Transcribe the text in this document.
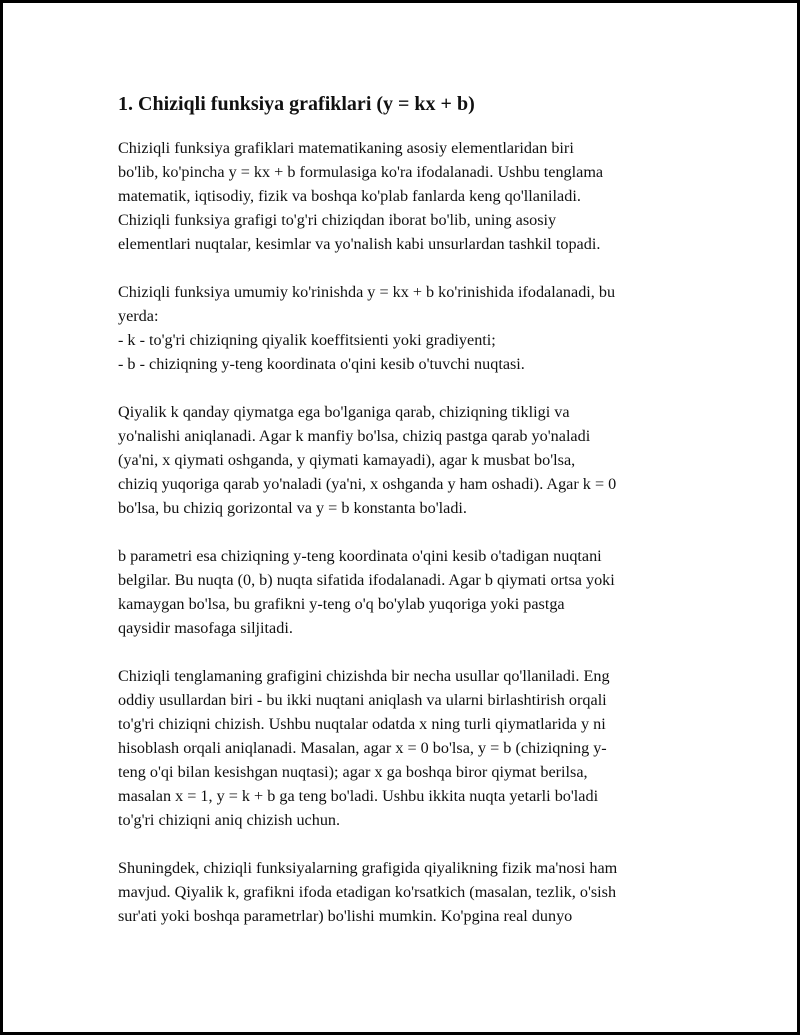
1. Chiziqli funksiya grafiklari (y = kx + b)

Chiziqli funksiya grafiklari matematikaning asosiy elementlaridan biri
bo'lib, ko'pincha y = kx + b formulasiga ko'ra ifodalanadi. Ushbu tenglama
matematik, iqtisodiy, fizik va boshqa ko'plab fanlarda keng qo'llaniladi.
Chiziqli funksiya grafigi to'g'ri chiziqdan iborat bo'lib, uning asosiy
elementlari nuqtalar, kesimlar va yo'nalish kabi unsurlardan tashkil topadi.

Chiziqli funksiya umumiy ko'rinishda y = kx + b ko'rinishida ifodalanadi, bu
yerda:
- k - to'g'ri chiziqning qiyalik koeffitsienti yoki gradiyenti;
- b - chiziqning y-teng koordinata o'qini kesib o'tuvchi nuqtasi.

Qiyalik k qanday qiymatga ega bo'lganiga qarab, chiziqning tikligi va
yo'nalishi aniqlanadi. Agar k manfiy bo'lsa, chiziq pastga qarab yo'naladi
(ya'ni, x qiymati oshganda, y qiymati kamayadi), agar k musbat bo'lsa,
chiziq yuqoriga qarab yo'naladi (ya'ni, x oshganda y ham oshadi). Agar k = 0
bo'lsa, bu chiziq gorizontal va y = b konstanta bo'ladi.

b parametri esa chiziqning y-teng koordinata o'qini kesib o'tadigan nuqtani
belgilar. Bu nuqta (0, b) nuqta sifatida ifodalanadi. Agar b qiymati ortsa yoki
kamaygan bo'lsa, bu grafikni y-teng o'q bo'ylab yuqoriga yoki pastga
qaysidir masofaga siljitadi.

Chiziqli tenglamaning grafigini chizishda bir necha usullar qo'llaniladi. Eng
oddiy usullardan biri - bu ikki nuqtani aniqlash va ularni birlashtirish orqali
to'g'ri chiziqni chizish. Ushbu nuqtalar odatda x ning turli qiymatlarida y ni
hisoblash orqali aniqlanadi. Masalan, agar x = 0 bo'lsa, y = b (chiziqning y-
teng o'qi bilan kesishgan nuqtasi); agar x ga boshqa biror qiymat berilsa,
masalan x = 1, y = k + b ga teng bo'ladi. Ushbu ikkita nuqta yetarli bo'ladi
to'g'ri chiziqni aniq chizish uchun.

Shuningdek, chiziqli funksiyalarning grafigida qiyalikning fizik ma'nosi ham
mavjud. Qiyalik k, grafikni ifoda etadigan ko'rsatkich (masalan, tezlik, o'sish
sur'ati yoki boshqa parametrlar) bo'lishi mumkin. Ko'pgina real dunyo
